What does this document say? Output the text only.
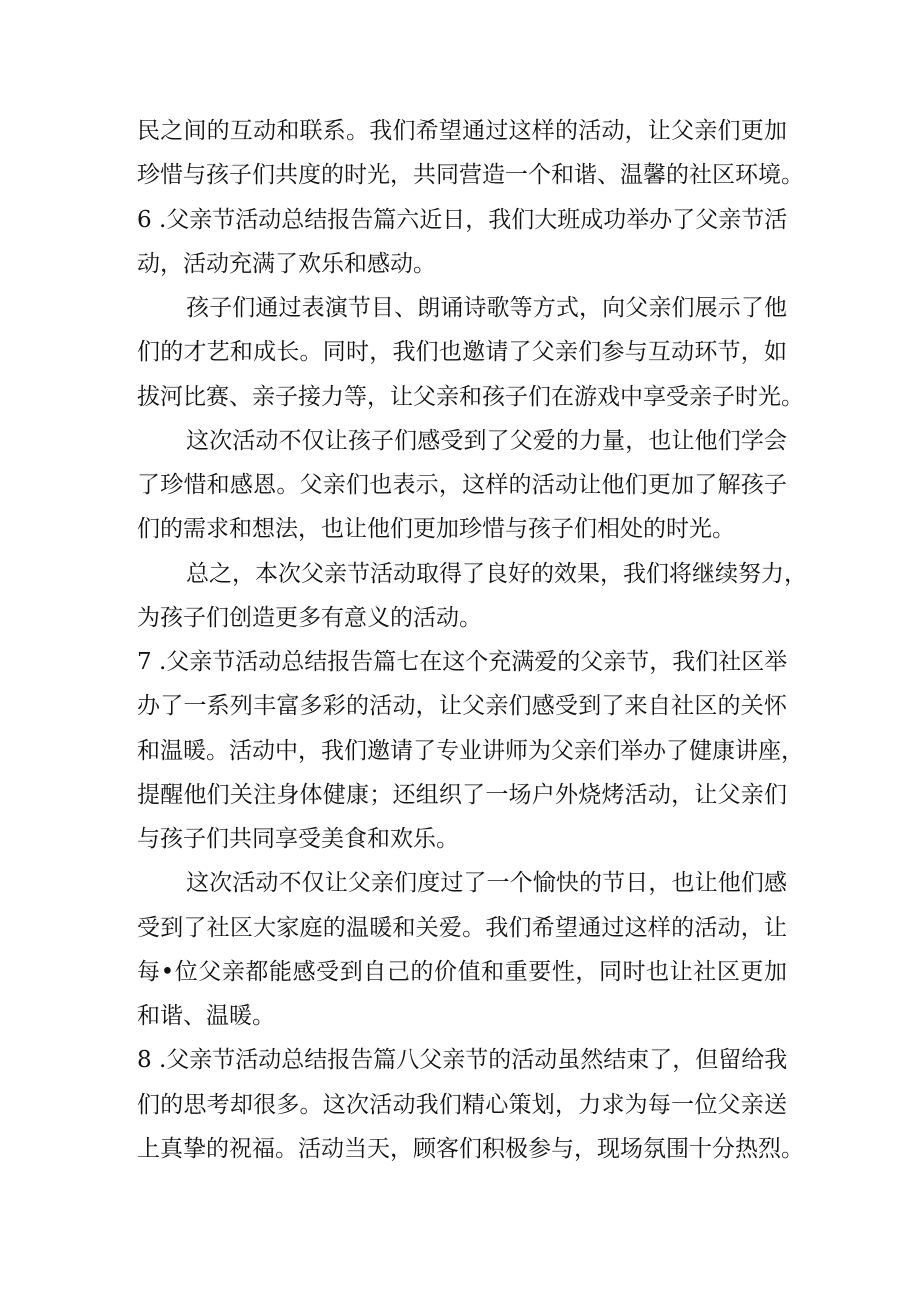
民之间的互动和联系。我们希望通过这样的活动，让父亲们更加
珍惜与孩子们共度的时光，共同营造一个和谐、温馨的社区环境。
6 .父亲节活动总结报告篇六近日，我们大班成功举办了父亲节活
动，活动充满了欢乐和感动。
孩子们通过表演节目、朗诵诗歌等方式，向父亲们展示了他
们的才艺和成长。同时，我们也邀请了父亲们参与互动环节，如
拔河比赛、亲子接力等，让父亲和孩子们在游戏中享受亲子时光。
这次活动不仅让孩子们感受到了父爱的力量，也让他们学会
了珍惜和感恩。父亲们也表示，这样的活动让他们更加了解孩子
们的需求和想法，也让他们更加珍惜与孩子们相处的时光。
总之，本次父亲节活动取得了良好的效果，我们将继续努力，
为孩子们创造更多有意义的活动。
7 .父亲节活动总结报告篇七在这个充满爱的父亲节，我们社区举
办了一系列丰富多彩的活动，让父亲们感受到了来自社区的关怀
和温暖。活动中，我们邀请了专业讲师为父亲们举办了健康讲座，
提醒他们关注身体健康；还组织了一场户外烧烤活动，让父亲们
与孩子们共同享受美食和欢乐。
这次活动不仅让父亲们度过了一个愉快的节日，也让他们感
受到了社区大家庭的温暖和关爱。我们希望通过这样的活动，让
每•位父亲都能感受到自己的价值和重要性，同时也让社区更加
和谐、温暖。
8 .父亲节活动总结报告篇八父亲节的活动虽然结束了，但留给我
们的思考却很多。这次活动我们精心策划，力求为每一位父亲送
上真挚的祝福。活动当天，顾客们积极参与，现场氛围十分热烈。
